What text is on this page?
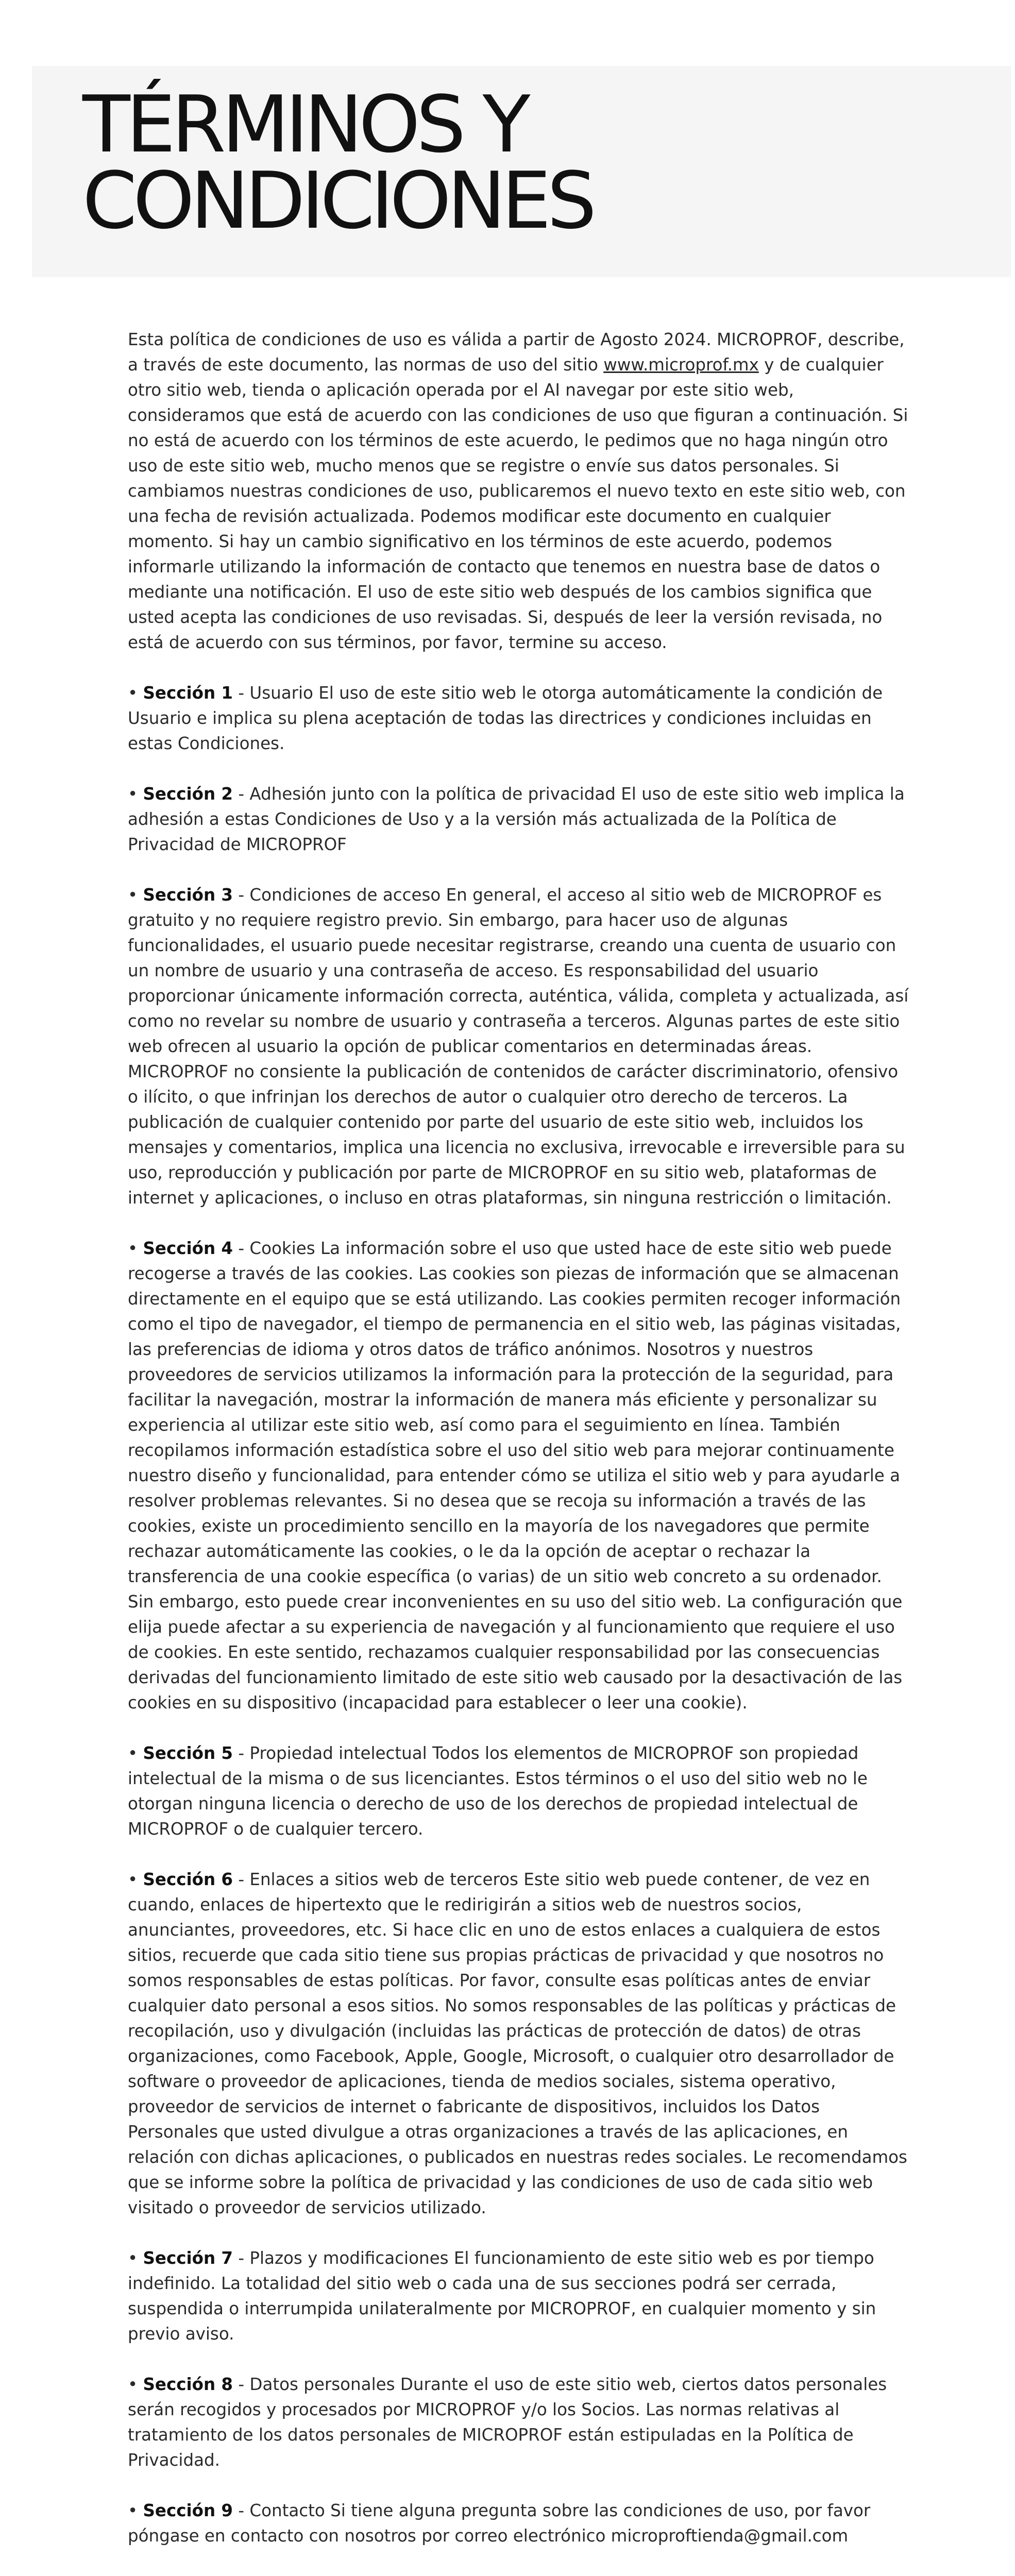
TÉRMINOS Y
CONDICIONES

Esta política de condiciones de uso es válida a partir de Agosto 2024. MICROPROF, describe, a través de este documento, las normas de uso del sitio www.microprof.mx y de cualquier otro sitio web, tienda o aplicación operada por el AI navegar por este sitio web, consideramos que está de acuerdo con las condiciones de uso que figuran a continuación. Si no está de acuerdo con los términos de este acuerdo, le pedimos que no haga ningún otro uso de este sitio web, mucho menos que se registre o envíe sus datos personales. Si cambiamos nuestras condiciones de uso, publicaremos el nuevo texto en este sitio web, con una fecha de revisión actualizada. Podemos modificar este documento en cualquier momento. Si hay un cambio significativo en los términos de este acuerdo, podemos informarle utilizando la información de contacto que tenemos en nuestra base de datos o mediante una notificación. El uso de este sitio web después de los cambios significa que usted acepta las condiciones de uso revisadas. Si, después de leer la versión revisada, no está de acuerdo con sus términos, por favor, termine su acceso.

• Sección 1 - Usuario El uso de este sitio web le otorga automáticamente la condición de Usuario e implica su plena aceptación de todas las directrices y condiciones incluidas en estas Condiciones.

• Sección 2 - Adhesión junto con la política de privacidad El uso de este sitio web implica la adhesión a estas Condiciones de Uso y a la versión más actualizada de la Política de Privacidad de MICROPROF

• Sección 3 - Condiciones de acceso En general, el acceso al sitio web de MICROPROF es gratuito y no requiere registro previo. Sin embargo, para hacer uso de algunas funcionalidades, el usuario puede necesitar registrarse, creando una cuenta de usuario con un nombre de usuario y una contraseña de acceso. Es responsabilidad del usuario proporcionar únicamente información correcta, auténtica, válida, completa y actualizada, así como no revelar su nombre de usuario y contraseña a terceros. Algunas partes de este sitio web ofrecen al usuario la opción de publicar comentarios en determinadas áreas. MICROPROF no consiente la publicación de contenidos de carácter discriminatorio, ofensivo o ilícito, o que infrinjan los derechos de autor o cualquier otro derecho de terceros. La publicación de cualquier contenido por parte del usuario de este sitio web, incluidos los mensajes y comentarios, implica una licencia no exclusiva, irrevocable e irreversible para su uso, reproducción y publicación por parte de MICROPROF en su sitio web, plataformas de internet y aplicaciones, o incluso en otras plataformas, sin ninguna restricción o limitación.

• Sección 4 - Cookies La información sobre el uso que usted hace de este sitio web puede recogerse a través de las cookies. Las cookies son piezas de información que se almacenan directamente en el equipo que se está utilizando. Las cookies permiten recoger información como el tipo de navegador, el tiempo de permanencia en el sitio web, las páginas visitadas, las preferencias de idioma y otros datos de tráfico anónimos. Nosotros y nuestros proveedores de servicios utilizamos la información para la protección de la seguridad, para facilitar la navegación, mostrar la información de manera más eficiente y personalizar su experiencia al utilizar este sitio web, así como para el seguimiento en línea. También recopilamos información estadística sobre el uso del sitio web para mejorar continuamente nuestro diseño y funcionalidad, para entender cómo se utiliza el sitio web y para ayudarle a resolver problemas relevantes. Si no desea que se recoja su información a través de las cookies, existe un procedimiento sencillo en la mayoría de los navegadores que permite rechazar automáticamente las cookies, o le da la opción de aceptar o rechazar la transferencia de una cookie específica (o varias) de un sitio web concreto a su ordenador. Sin embargo, esto puede crear inconvenientes en su uso del sitio web. La configuración que elija puede afectar a su experiencia de navegación y al funcionamiento que requiere el uso de cookies. En este sentido, rechazamos cualquier responsabilidad por las consecuencias derivadas del funcionamiento limitado de este sitio web causado por la desactivación de las cookies en su dispositivo (incapacidad para establecer o leer una cookie).

• Sección 5 - Propiedad intelectual Todos los elementos de MICROPROF son propiedad intelectual de la misma o de sus licenciantes. Estos términos o el uso del sitio web no le otorgan ninguna licencia o derecho de uso de los derechos de propiedad intelectual de MICROPROF o de cualquier tercero.

• Sección 6 - Enlaces a sitios web de terceros Este sitio web puede contener, de vez en cuando, enlaces de hipertexto que le redirigirán a sitios web de nuestros socios, anunciantes, proveedores, etc. Si hace clic en uno de estos enlaces a cualquiera de estos sitios, recuerde que cada sitio tiene sus propias prácticas de privacidad y que nosotros no somos responsables de estas políticas. Por favor, consulte esas políticas antes de enviar cualquier dato personal a esos sitios. No somos responsables de las políticas y prácticas de recopilación, uso y divulgación (incluidas las prácticas de protección de datos) de otras organizaciones, como Facebook, Apple, Google, Microsoft, o cualquier otro desarrollador de software o proveedor de aplicaciones, tienda de medios sociales, sistema operativo, proveedor de servicios de internet o fabricante de dispositivos, incluidos los Datos Personales que usted divulgue a otras organizaciones a través de las aplicaciones, en relación con dichas aplicaciones, o publicados en nuestras redes sociales. Le recomendamos que se informe sobre la política de privacidad y las condiciones de uso de cada sitio web visitado o proveedor de servicios utilizado.

• Sección 7 - Plazos y modificaciones El funcionamiento de este sitio web es por tiempo indefinido. La totalidad del sitio web o cada una de sus secciones podrá ser cerrada, suspendida o interrumpida unilateralmente por MICROPROF, en cualquier momento y sin previo aviso.

• Sección 8 - Datos personales Durante el uso de este sitio web, ciertos datos personales serán recogidos y procesados por MICROPROF y/o los Socios. Las normas relativas al tratamiento de los datos personales de MICROPROF están estipuladas en la Política de Privacidad.

• Sección 9 - Contacto Si tiene alguna pregunta sobre las condiciones de uso, por favor póngase en contacto con nosotros por correo electrónico microproftienda@gmail.com
